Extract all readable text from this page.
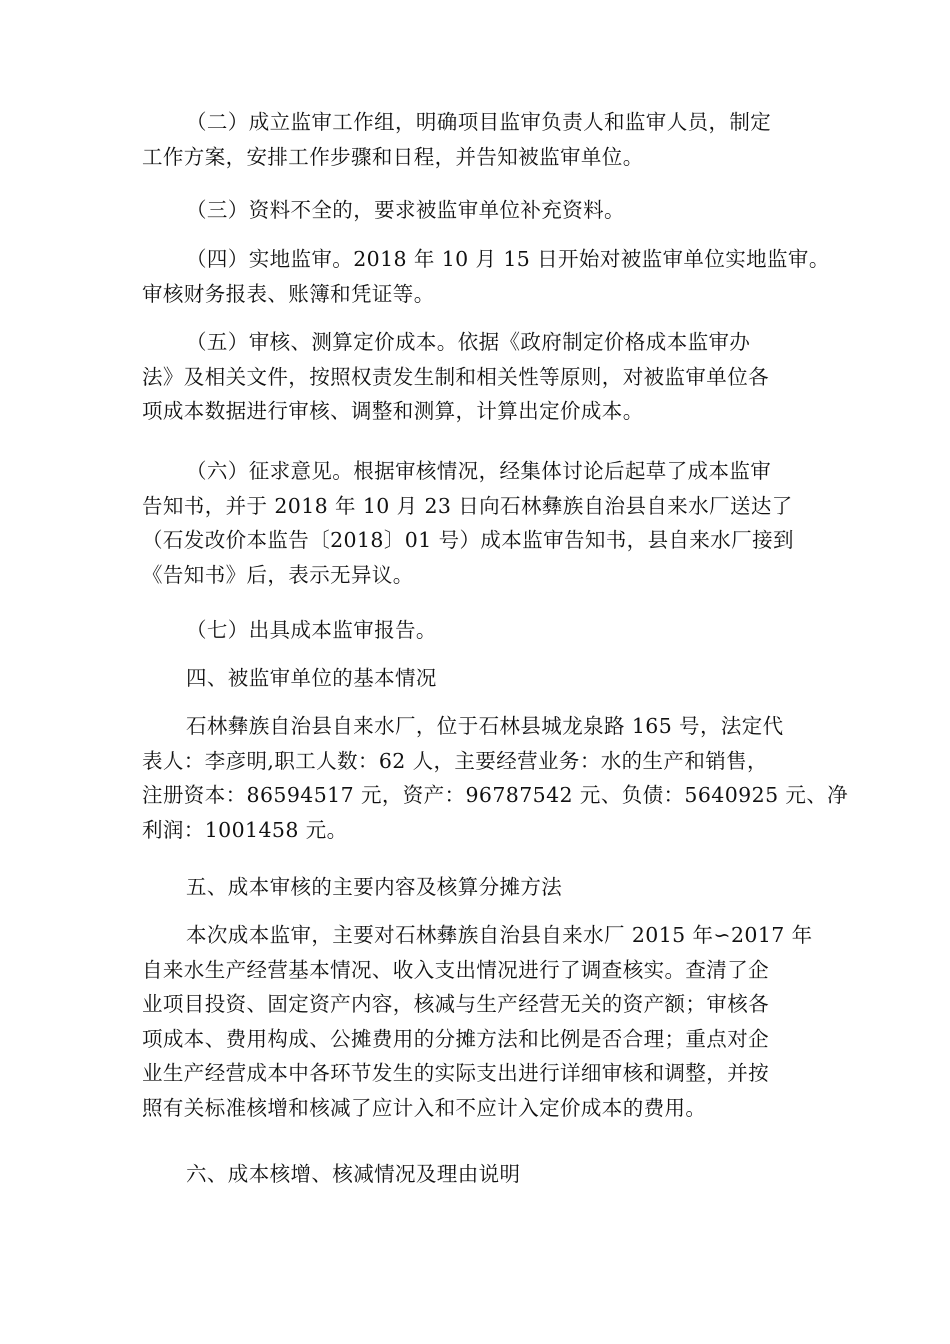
（二）成立监审工作组，明确项目监审负责人和监审人员，制定
工作方案，安排工作步骤和日程，并告知被监审单位。

（三）资料不全的，要求被监审单位补充资料。

（四）实地监审。2018 年 10 月 15 日开始对被监审单位实地监审。
审核财务报表、账簿和凭证等。

（五）审核、测算定价成本。依据《政府制定价格成本监审办
法》及相关文件，按照权责发生制和相关性等原则，对被监审单位各
项成本数据进行审核、调整和测算，计算出定价成本。

（六）征求意见。根据审核情况，经集体讨论后起草了成本监审
告知书，并于 2018 年 10 月 23 日向石林彝族自治县自来水厂送达了
（石发改价本监告〔2018〕01 号）成本监审告知书，县自来水厂接到
《告知书》后，表示无异议。

（七）出具成本监审报告。

四、被监审单位的基本情况

石林彝族自治县自来水厂，位于石林县城龙泉路 165 号，法定代
表人：李彦明,职工人数：62 人，主要经营业务：水的生产和销售，
注册资本：86594517 元，资产：96787542 元、负债：5640925 元、净
利润：1001458 元。

五、成本审核的主要内容及核算分摊方法

本次成本监审，主要对石林彝族自治县自来水厂 2015 年∽2017 年
自来水生产经营基本情况、收入支出情况进行了调查核实。查清了企
业项目投资、固定资产内容，核减与生产经营无关的资产额；审核各
项成本、费用构成、公摊费用的分摊方法和比例是否合理；重点对企
业生产经营成本中各环节发生的实际支出进行详细审核和调整，并按
照有关标准核增和核减了应计入和不应计入定价成本的费用。

六、成本核增、核减情况及理由说明
